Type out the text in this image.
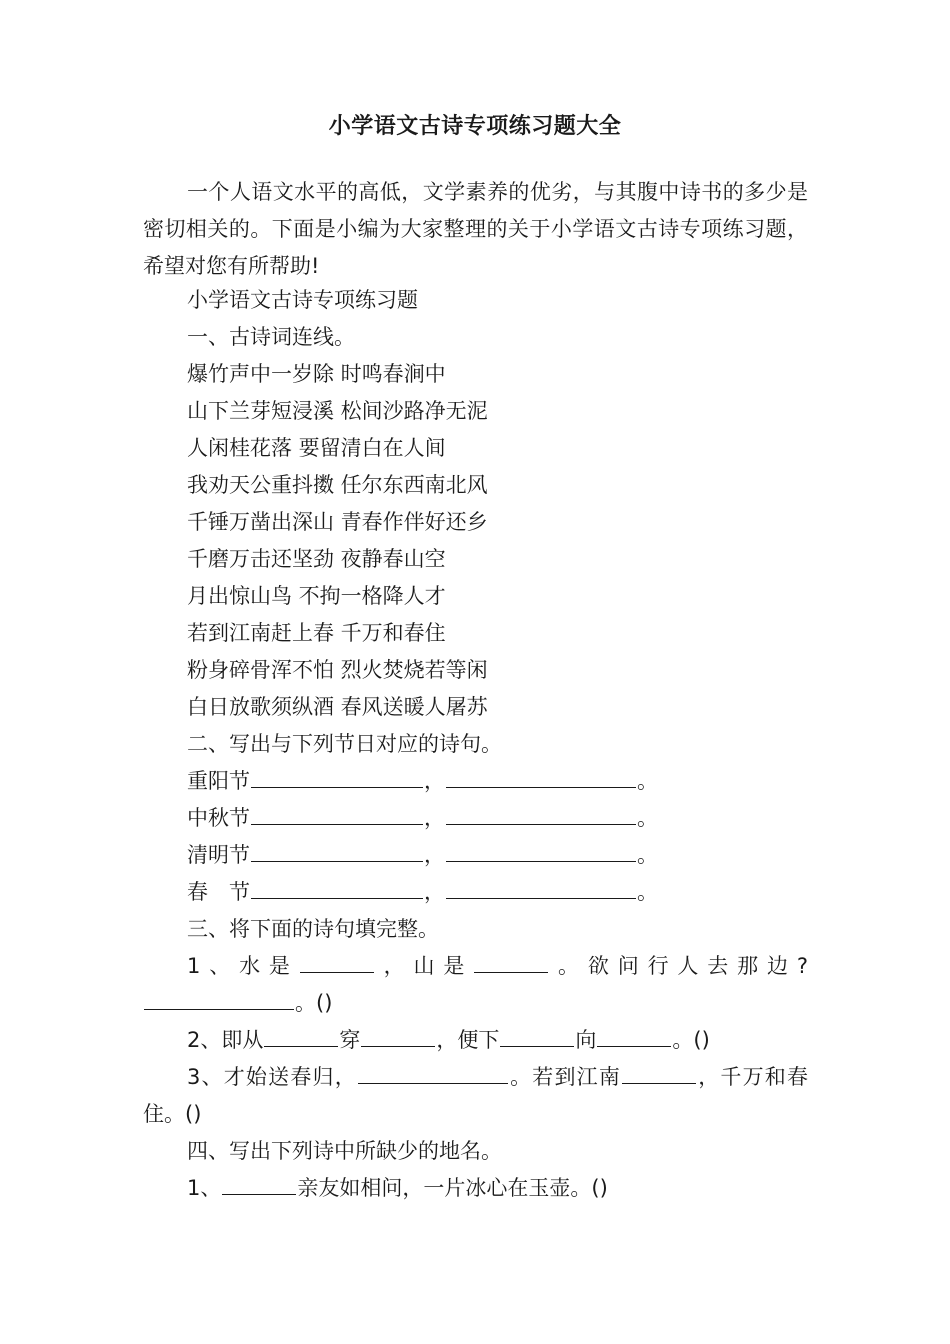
小学语文古诗专项练习题大全

一个人语文水平的高低，文学素养的优劣，与其腹中诗书的多少是密切相关的。下面是小编为大家整理的关于小学语文古诗专项练习题，希望对您有所帮助!

小学语文古诗专项练习题
一、古诗词连线。
爆竹声中一岁除 时鸣春涧中
山下兰芽短浸溪 松间沙路净无泥
人闲桂花落 要留清白在人间
我劝天公重抖擞 任尔东西南北风
千锤万凿出深山 青春作伴好还乡
千磨万击还坚劲 夜静春山空
月出惊山鸟 不拘一格降人才
若到江南赶上春 千万和春住
粉身碎骨浑不怕 烈火焚烧若等闲
白日放歌须纵酒 春风送暖人屠苏
二、写出与下列节日对应的诗句。
重阳节	，	。
中秋节	，	。
清明节	，	。
春　节	，	。
三、将下面的诗句填完整。
1、水是	，山是	。欲问行人去那边?。()
2、即从	穿	，便下	向	。()
3、才始送春归，	。若到江南	，千万和春住。()
四、写出下列诗中所缺少的地名。
1、	亲友如相问，一片冰心在玉壶。()
